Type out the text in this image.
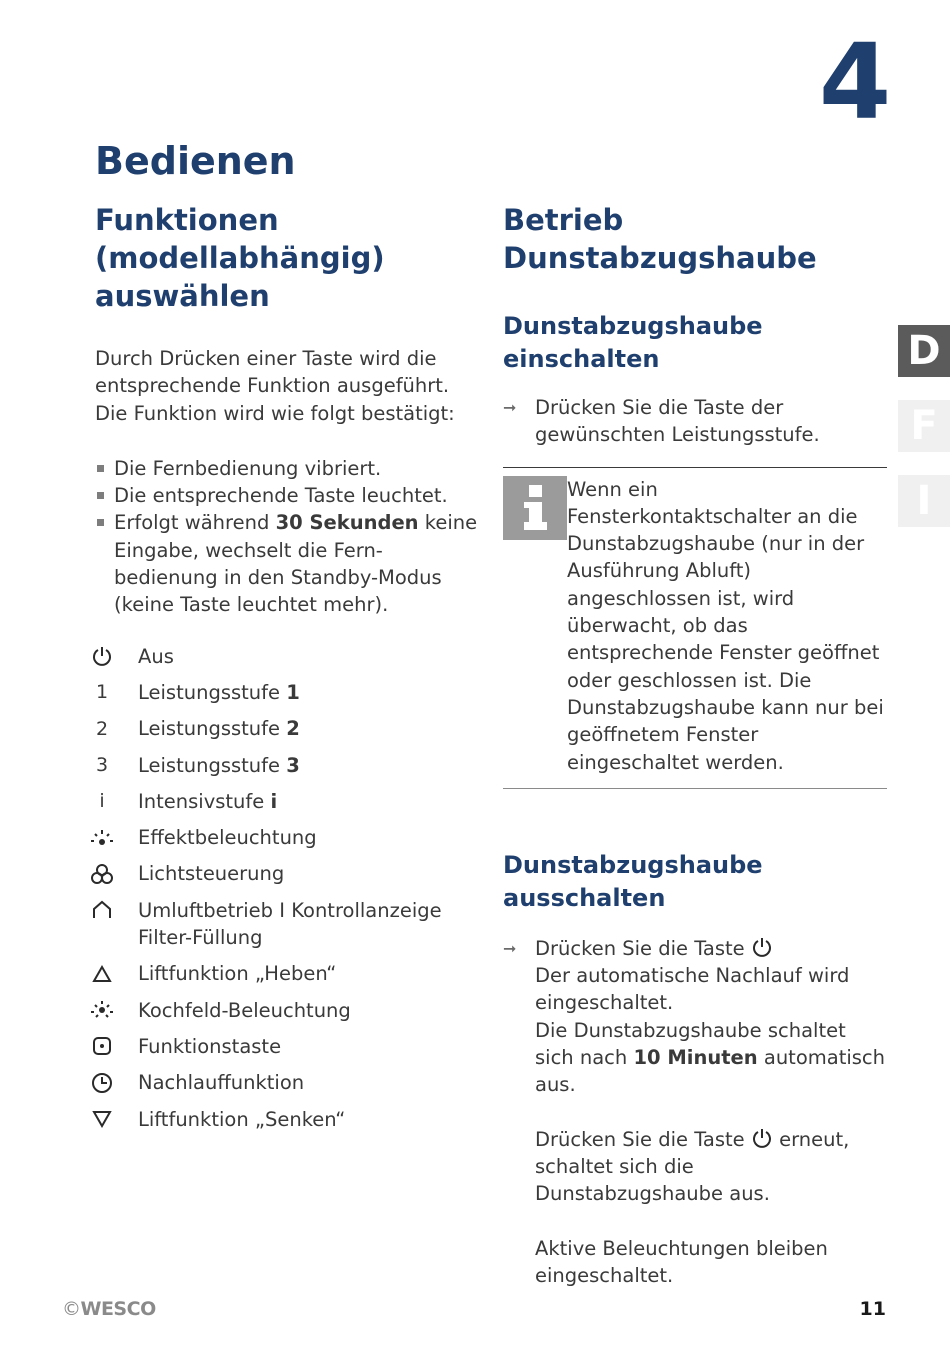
4
Bedienen
D
F
I
Funktionen (modellabhängig) auswählen

Durch Drücken einer Taste wird die entsprechende Funktion ausgeführt. Die Funktion wird wie folgt bestätigt:

Die Fernbedienung vibriert.
Die entsprechende Taste leuchtet.
Erfolgt während 30 Sekunden keine Eingabe, wechselt die Fern-bedienung in den Standby-Modus (keine Taste leuchtet mehr).
Aus
1	Leistungsstufe 1
2	Leistungsstufe 2
3	Leistungsstufe 3
i	Intensivstufe i
Effektbeleuchtung
Lichtsteuerung
Umluftbetrieb I Kontrollanzeige Filter-Füllung
Liftfunktion „Heben“
Kochfeld-Beleuchtung
Funktionstaste
Nachlauffunktion
Liftfunktion „Senken“
Betrieb Dunstabzugshaube
Dunstabzugshaube einschalten
➞ Drücken Sie die Taste der gewünschten Leistungsstufe.

Wenn ein Fensterkontaktschalter an die Dunstabzugshaube (nur in der Ausführung Abluft) angeschlossen ist, wird überwacht, ob das entsprechende Fenster geöffnet oder geschlossen ist. Die Dunstabzugshaube kann nur bei geöffnetem Fenster eingeschaltet werden.

Dunstabzugshaube ausschalten
➞ Drücken Sie die Taste
Der automatische Nachlauf wird eingeschaltet.
Die Dunstabzugshaube schaltet sich nach 10 Minuten automatisch aus.

Drücken Sie die Taste  erneut, schaltet sich die Dunstabzugshaube aus.

Aktive Beleuchtungen bleiben eingeschaltet.

©WESCO	11
